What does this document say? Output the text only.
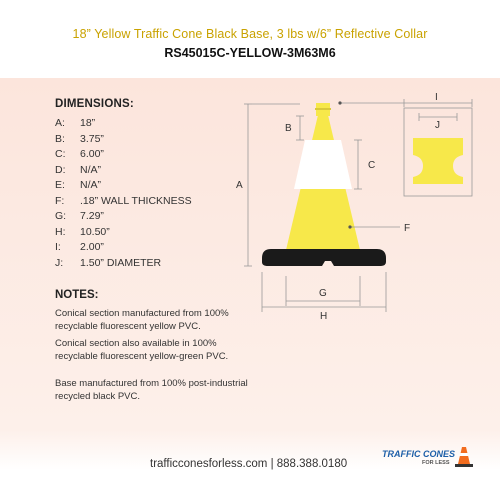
18” Yellow Traffic Cone Black Base, 3 lbs w/6” Reflective Collar
RS45015C-YELLOW-3M63M6
DIMENSIONS:
A:	18”
B:	3.75”
C:	6.00”
D:	N/A”
E:	N/A”
F:	.18” WALL THICKNESS
G:	7.29”
H:	10.50”
I:	2.00”
J:	1.50” DIAMETER
NOTES:
Conical section manufactured from 100% recyclable fluorescent yellow PVC.
Conical section also available in 100% recyclable fluorescent yellow-green PVC.
Base manufactured from 100% post-industrial recycled black PVC.
A
B
C
F
G
H
I
J
trafficconesforless.com | 888.388.0180
TRAFFIC CONES
FOR LESS
